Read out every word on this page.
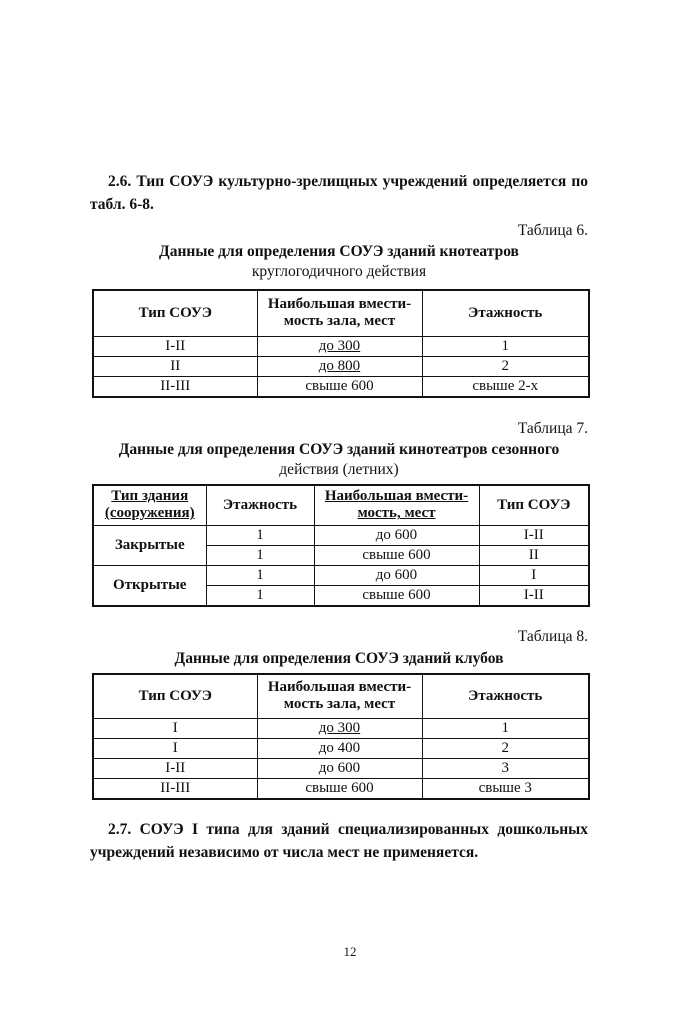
2.6. Тип СОУЭ культурно-зрелищных учреждений определяется по табл. 6-8.

Таблица 6.

Данные для определения СОУЭ зданий кнотеатров
круглогодичного действия
Тип СОУЭ	Наибольшая вмести-мость зала, мест	Этажность
I-II	до 300	1
II	до 800	2
II-III	свыше 600	свыше 2-х

Таблица 7.

Данные для определения СОУЭ зданий кинотеатров сезонного
действия (летних)
Тип здания (сооружения)	Этажность	Наибольшая вмести-мость, мест	Тип СОУЭ
Закрытые	1	до 600	I-II
	1	свыше 600	II
Открытые	1	до 600	I
	1	свыше 600	I-II

Таблица 8.

Данные для определения СОУЭ зданий клубов
Тип СОУЭ	Наибольшая вмести-мость зала, мест	Этажность
I	до 300	1
I	до 400	2
I-II	до 600	3
II-III	свыше 600	свыше 3

2.7. СОУЭ I типа для зданий специализированных дошкольных учреждений независимо от числа мест не применяется.

12
